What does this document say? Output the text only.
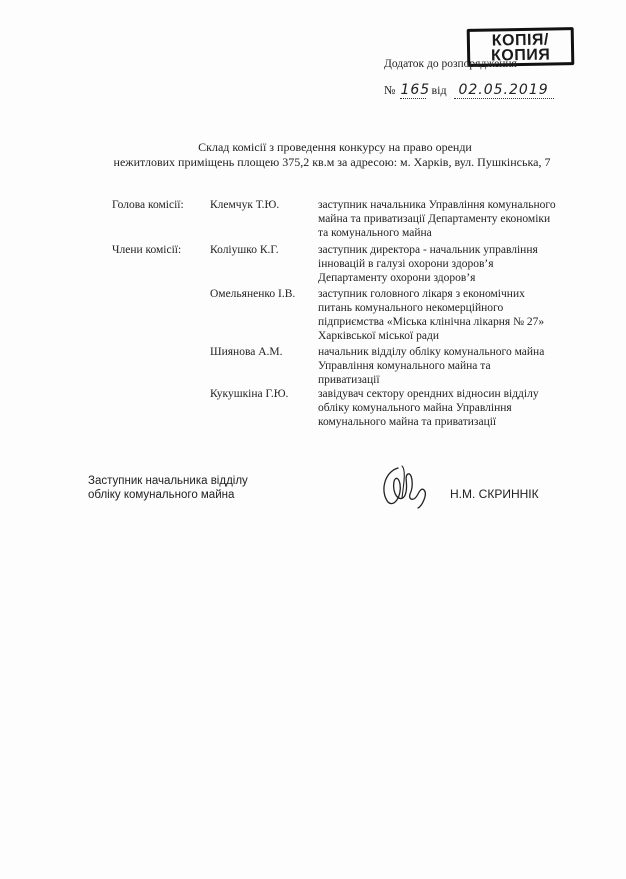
КОПІЯ/
КОПИЯ
Додаток до розпорядження
№ 165 від 02.05.2019
Склад комісії з проведення конкурсу на право оренди
нежитлових приміщень площею 375,2 кв.м за адресою: м. Харків, вул. Пушкінська, 7
Голова комісії: Клемчук Т.Ю.	заступник начальника Управління комунального
майна та приватизації Департаменту економіки
та комунального майна
Члени комісії:	Коліушко К.Г.	заступник директора - начальник управління
інновацій в галузі охорони здоров’я
Департаменту охорони здоров’я
Омельяненко І.В. заступник головного лікаря з економічних
питань комунального некомерційного
підприємства «Міська клінічна лікарня № 27»
Харківської міської ради
Шиянова А.М.	начальник відділу обліку комунального майна
Управління комунального майна та
приватизації
Кукушкіна Г.Ю.	завідувач сектору орендних відносин відділу
обліку комунального майна Управління
комунального майна та приватизації
Заступник начальника відділу
обліку комунального майна	Н.М. СКРИННІК
